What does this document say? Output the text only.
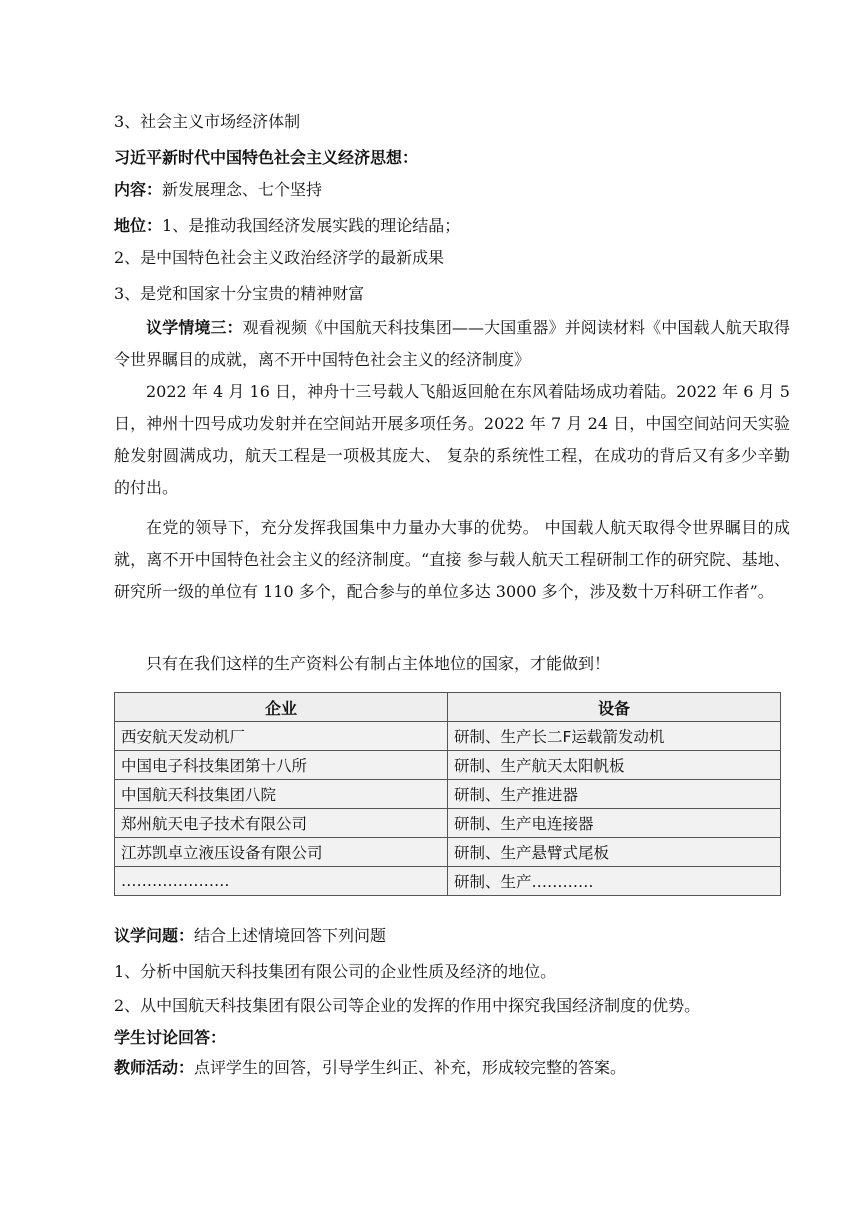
3、社会主义市场经济体制
习近平新时代中国特色社会主义经济思想：
内容：新发展理念、七个坚持
地位：1、是推动我国经济发展实践的理论结晶；
2、是中国特色社会主义政治经济学的最新成果
3、是党和国家十分宝贵的精神财富
议学情境三：观看视频《中国航天科技集团——大国重器》并阅读材料《中国载人航天取得令世界瞩目的成就，离不开中国特色社会主义的经济制度》
2022 年 4 月 16 日，神舟十三号载人飞船返回舱在东风着陆场成功着陆。2022 年 6 月 5 日，神州十四号成功发射并在空间站开展多项任务。2022 年 7 月 24 日，中国空间站问天实验舱发射圆满成功，航天工程是一项极其庞大、 复杂的系统性工程，在成功的背后又有多少辛勤的付出。
在党的领导下，充分发挥我国集中力量办大事的优势。 中国载人航天取得令世界瞩目的成就，离不开中国特色社会主义的经济制度。“直接 参与载人航天工程研制工作的研究院、基地、研究所一级的单位有 110 多个，配合参与的单位多达 3000 多个，涉及数十万科研工作者”。
只有在我们这样的生产资料公有制占主体地位的国家，才能做到！
企业	设备
西安航天发动机厂	研制、生产长二F运载箭发动机
中国电子科技集团第十八所	研制、生产航天太阳帆板
中国航天科技集团八院	研制、生产推进器
郑州航天电子技术有限公司	研制、生产电连接器
江苏凯卓立液压设备有限公司	研制、生产悬臂式尾板
…………………	研制、生产…………
议学问题：结合上述情境回答下列问题
1、分析中国航天科技集团有限公司的企业性质及经济的地位。
2、从中国航天科技集团有限公司等企业的发挥的作用中探究我国经济制度的优势。
学生讨论回答：
教师活动：点评学生的回答，引导学生纠正、补充，形成较完整的答案。
